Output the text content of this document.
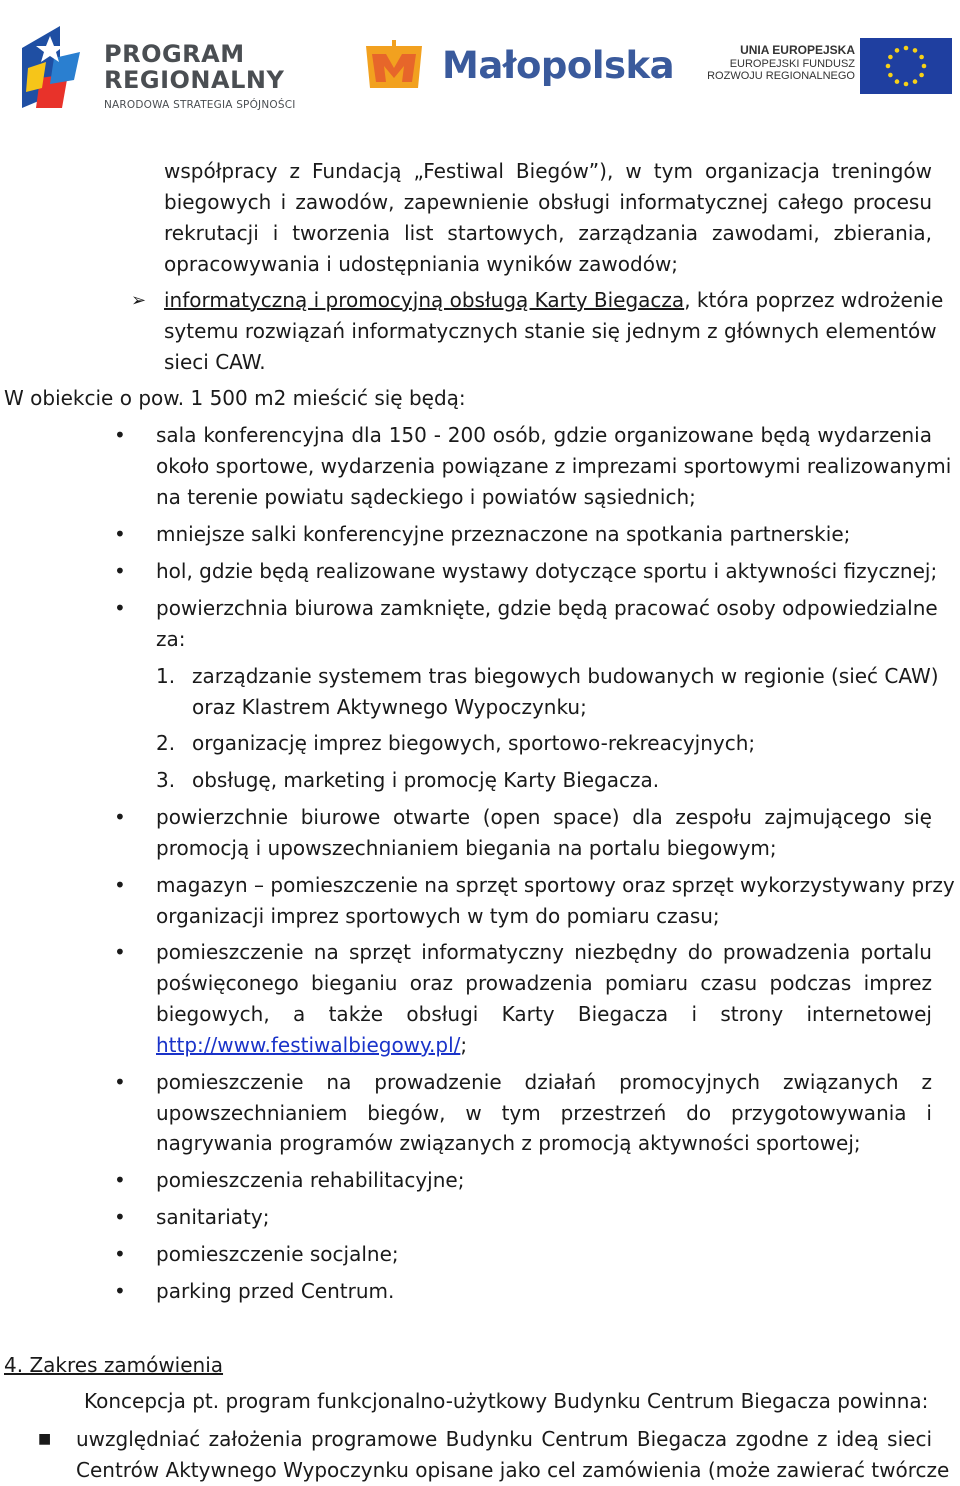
PROGRAM
REGIONALNY
NARODOWA STRATEGIA SPÓJNOŚCI
Małopolska	UNIA EUROPEJSKA
EUROPEJSKI FUNDUSZ
ROZWOJU REGIONALNEGO
współpracy z Fundacją „Festiwal Biegów”), w tym organizacja treningów
biegowych i zawodów, zapewnienie obsługi informatycznej całego procesu
rekrutacji i tworzenia list startowych, zarządzania zawodami, zbierania,
opracowywania i udostępniania wyników zawodów;
➢ informatyczną i promocyjną obsługą Karty Biegacza, która poprzez wdrożenie
sytemu rozwiązań informatycznych stanie się jednym z głównych elementów
sieci CAW.
W obiekcie o pow. 1 500 m2 mieścić się będą:
•
sala konferencyjna dla 150 - 200 osób, gdzie organizowane będą wydarzenia
około sportowe, wydarzenia powiązane z imprezami sportowymi realizowanymi
na terenie powiatu sądeckiego i powiatów sąsiednich;
•
mniejsze salki konferencyjne przeznaczone na spotkania partnerskie;
•
hol, gdzie będą realizowane wystawy dotyczące sportu i aktywności fizycznej;
•
powierzchnia biurowa zamknięte, gdzie będą pracować osoby odpowiedzialne
za:
1. zarządzanie systemem tras biegowych budowanych w regionie (sieć CAW)
oraz Klastrem Aktywnego Wypoczynku;
2. organizację imprez biegowych, sportowo-rekreacyjnych;
3. obsługę, marketing i promocję Karty Biegacza.
•
powierzchnie biurowe otwarte (open space) dla zespołu zajmującego się
promocją i upowszechnianiem biegania na portalu biegowym;
•
magazyn – pomieszczenie na sprzęt sportowy oraz sprzęt wykorzystywany przy
organizacji imprez sportowych w tym do pomiaru czasu;
•
pomieszczenie na sprzęt informatyczny niezbędny do prowadzenia portalu
poświęconego bieganiu oraz prowadzenia pomiaru czasu podczas imprez
biegowych, a także obsługi Karty Biegacza i strony internetowej
http://www.festiwalbiegowy.pl/;
•
pomieszczenie na prowadzenie działań promocyjnych związanych z
upowszechnianiem biegów, w tym przestrzeń do przygotowywania i
nagrywania programów związanych z promocją aktywności sportowej;
•
pomieszczenia rehabilitacyjne;
•
sanitariaty;
•
pomieszczenie socjalne;
•
parking przed Centrum.
4. Zakres zamówienia
Koncepcja pt. program funkcjonalno-użytkowy Budynku Centrum Biegacza powinna:
■
uwzględniać założenia programowe Budynku Centrum Biegacza zgodne z ideą sieci
Centrów Aktywnego Wypoczynku opisane jako cel zamówienia (może zawierać twórcze
